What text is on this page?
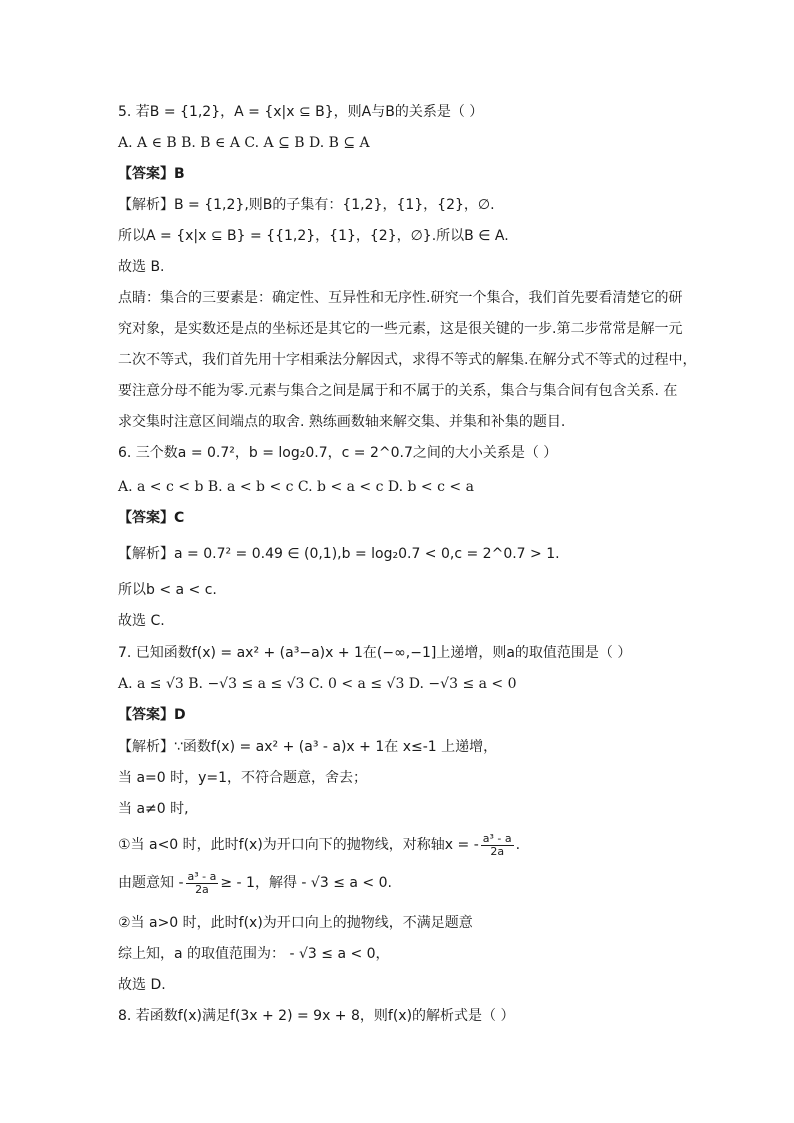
5. 若B = {1,2}，A = {x|x ⊆ B}，则A与B的关系是（ ）
A. A ∈ B B. B ∈ A C. A ⊆ B D. B ⊆ A
【答案】B
【解析】B = {1,2},则B的子集有：{1,2}，{1}，{2}，∅.
所以A = {x|x ⊆ B} = {{1,2}，{1}，{2}，∅}.所以B ∈ A.
故选 B.
点睛：集合的三要素是：确定性、互异性和无序性.研究一个集合，我们首先要看清楚它的研
究对象，是实数还是点的坐标还是其它的一些元素，这是很关键的一步.第二步常常是解一元
二次不等式，我们首先用十字相乘法分解因式，求得不等式的解集.在解分式不等式的过程中，
要注意分母不能为零.元素与集合之间是属于和不属于的关系，集合与集合间有包含关系. 在
求交集时注意区间端点的取舍. 熟练画数轴来解交集、并集和补集的题目.
6. 三个数a = 0.7²，b = log₂0.7，c = 2^0.7之间的大小关系是（ ）
A. a < c < b B. a < b < c C. b < a < c D. b < c < a
【答案】C
【解析】a = 0.7² = 0.49 ∈ (0,1),b = log₂0.7 < 0,c = 2^0.7 > 1.
所以b < a < c.
故选 C.
7. 已知函数f(x) = ax² + (a³−a)x + 1在(−∞,−1]上递增，则a的取值范围是（ ）
A. a ≤ √3 B. −√3 ≤ a ≤ √3 C. 0 < a ≤ √3 D. −√3 ≤ a < 0
【答案】D
【解析】∵函数f(x) = ax² + (a³ - a)x + 1在 x≤-1 上递增，
当 a=0 时，y=1，不符合题意，舍去；
当 a≠0 时,
①当 a<0 时，此时f(x)为开口向下的抛物线，对称轴x = - $\frac{\text{a³ - a}}{2a}$ .
由题意知 - $\frac{\text{a³ - a}}{2a}$ ≥ - 1，解得 - √3 ≤ a < 0.
②当 a>0 时，此时f(x)为开口向上的抛物线，不满足题意
综上知，a 的取值范围为： - √3 ≤ a < 0，
故选 D.
8. 若函数f(x)满足f(3x + 2) = 9x + 8，则f(x)的解析式是（ ）
